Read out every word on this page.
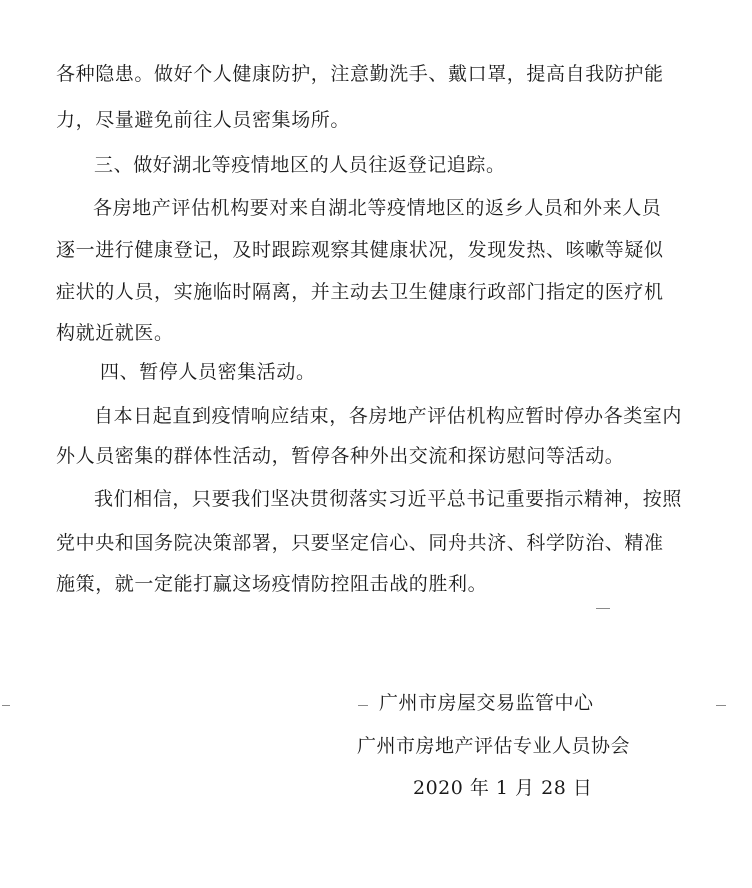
各种隐患。做好个人健康防护，注意勤洗手、戴口罩，提高自我防护能
力，尽量避免前往人员密集场所。
三、做好湖北等疫情地区的人员往返登记追踪。
各房地产评估机构要对来自湖北等疫情地区的返乡人员和外来人员
逐一进行健康登记，及时跟踪观察其健康状况，发现发热、咳嗽等疑似
症状的人员，实施临时隔离，并主动去卫生健康行政部门指定的医疗机
构就近就医。
四、暂停人员密集活动。
自本日起直到疫情响应结束，各房地产评估机构应暂时停办各类室内
外人员密集的群体性活动，暂停各种外出交流和探访慰问等活动。
我们相信，只要我们坚决贯彻落实习近平总书记重要指示精神，按照
党中央和国务院决策部署，只要坚定信心、同舟共济、科学防治、精准
施策，就一定能打赢这场疫情防控阻击战的胜利。
广州市房屋交易监管中心
广州市房地产评估专业人员协会
2020 年 1 月 28 日
